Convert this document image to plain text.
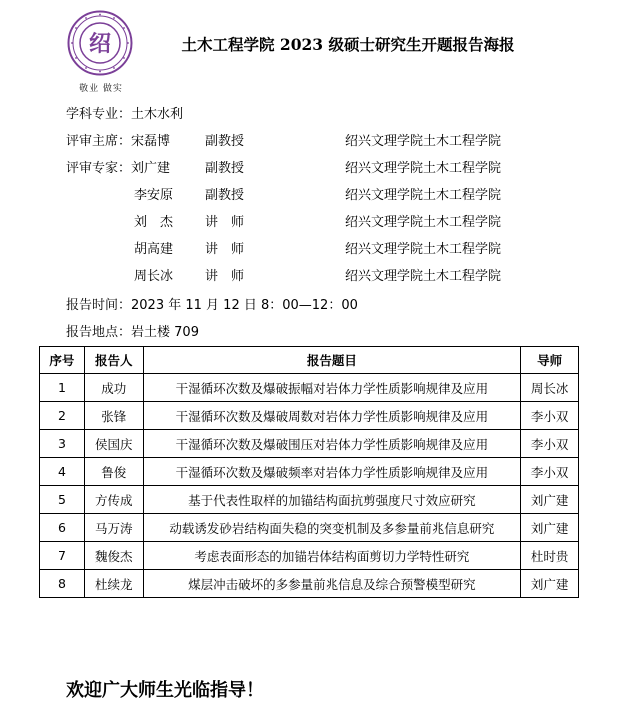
绍
敬业 做实
土木工程学院 2023 级硕士研究生开题报告海报
学科专业：土木水利
评审主席：宋磊博	副教授	绍兴文理学院土木工程学院
评审专家：刘广建	副教授	绍兴文理学院土木工程学院
李安原 副教授	绍兴文理学院土木工程学院
刘　杰 讲　师	绍兴文理学院土木工程学院
胡高建 讲　师	绍兴文理学院土木工程学院
周长冰 讲　师	绍兴文理学院土木工程学院
报告时间：2023 年 11 月 12 日 8：00—12：00
报告地点：岩土楼 709
序号	报告人	报告题目	导师
1	成功	干湿循环次数及爆破振幅对岩体力学性质影响规律及应用	周长冰
2	张锋	干湿循环次数及爆破周数对岩体力学性质影响规律及应用	李小双
3	侯国庆	干湿循环次数及爆破围压对岩体力学性质影响规律及应用	李小双
4	鲁俊	干湿循环次数及爆破频率对岩体力学性质影响规律及应用	李小双
5	方传成	基于代表性取样的加锚结构面抗剪强度尺寸效应研究	刘广建
6	马万涛	动载诱发砂岩结构面失稳的突变机制及多参量前兆信息研究	刘广建
7	魏俊杰	考虑表面形态的加锚岩体结构面剪切力学特性研究	杜时贵
8	杜续龙	煤层冲击破坏的多参量前兆信息及综合预警模型研究	刘广建
欢迎广大师生光临指导！
